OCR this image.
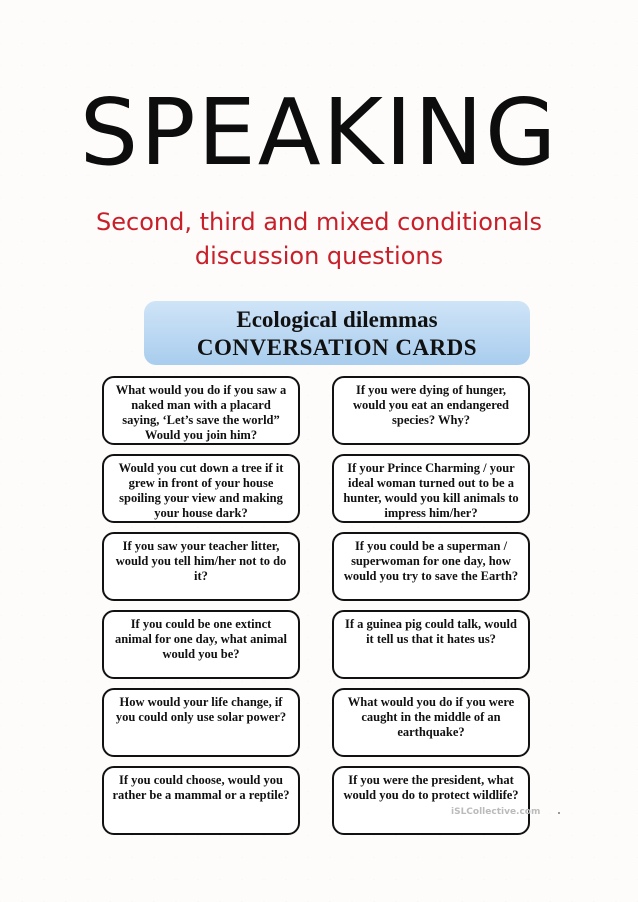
SPEAKING
Second, third and mixed conditionals discussion questions
Ecological dilemmas
CONVERSATION CARDS
What would you do if you saw a naked man with a placard saying, ‘Let’s save the world” Would you join him?
If you were dying of hunger, would you eat an endangered species? Why?
Would you cut down a tree if it grew in front of your house spoiling your view and making your house dark?
If your Prince Charming / your ideal woman turned out to be a hunter, would you kill animals to impress him/her?
If you saw your teacher litter, would you tell him/her not to do it?
If you could be a superman / superwoman for one day, how would you try to save the Earth?
If you could be one extinct animal for one day, what animal would you be?
If a guinea pig could talk, would it tell us that it hates us?
How would your life change, if you could only use solar power?
What would you do if you were caught in the middle of an earthquake?
If you could choose, would you rather be a mammal or a reptile?
If you were the president, what would you do to protect wildlife?
iSLCollective.com
